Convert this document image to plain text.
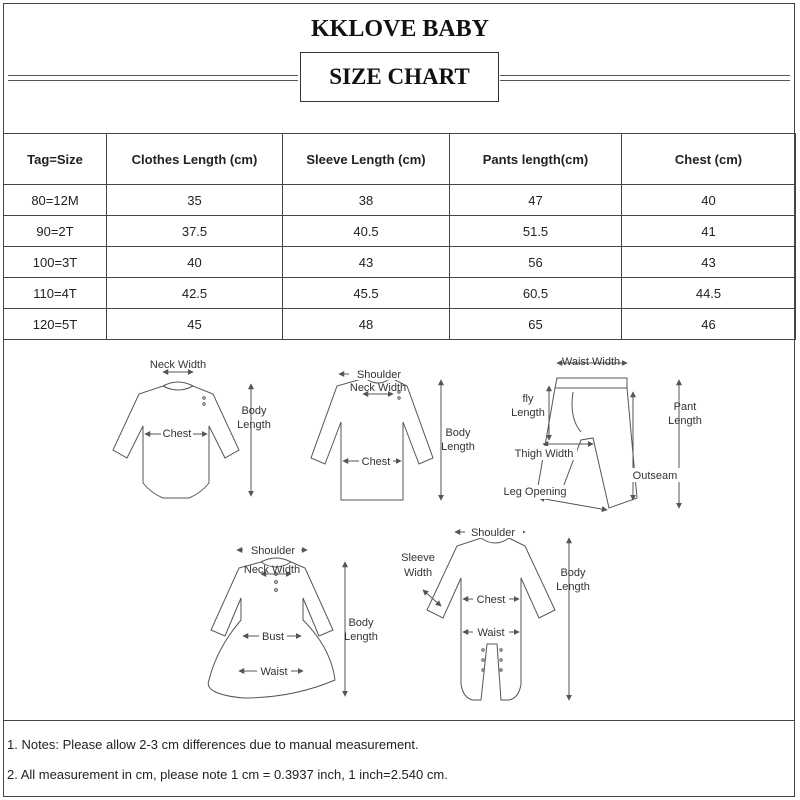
KKLOVE BABY
SIZE CHART
Tag=Size	Clothes Length (cm)	Sleeve Length (cm)	Pants length(cm)	Chest (cm)
80=12M	35	38	47	40
90=2T	37.5	40.5	51.5	41
100=3T	40	43	56	43
110=4T	42.5	45.5	60.5	44.5
120=5T	45	48	65	46
Neck Width
Body
Length
Chest
Shoulder
Neck Width
Body
Length
Chest
Waist Width
fly
Length	Pant
Length
Thigh Width
Outseam
Leg Opening
Shoulder
Neck Width
Body
Length
Bust
Waist
Shoulder
Sleeve
Width	Body
Length
Chest
Waist
1. Notes: Please allow 2-3 cm differences due to manual measurement.
2. All measurement in cm, please note 1 cm = 0.3937 inch, 1 inch=2.540 cm.
